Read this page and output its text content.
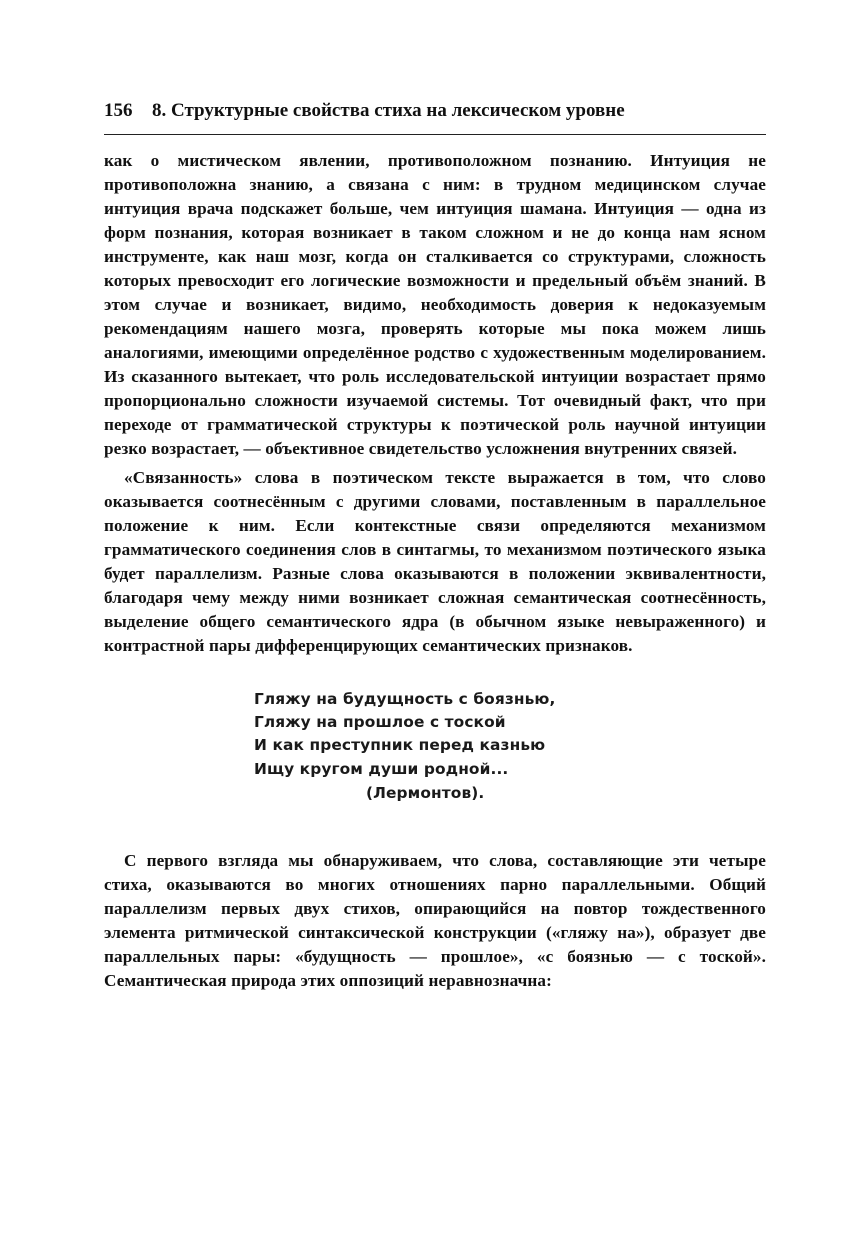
156	8. Структурные свойства стиха на лексическом уровне

как о мистическом явлении, противоположном познанию. Интуиция не противоположна знанию, а связана с ним: в трудном медицинском случае интуиция врача подскажет больше, чем интуиция шамана. Интуиция — одна из форм познания, которая возникает в таком сложном и не до конца нам ясном инструменте, как наш мозг, когда он сталкивается со структурами, сложность которых превосходит его логические возможности и предельный объём знаний. В этом случае и возникает, видимо, необходимость доверия к недоказуемым рекомендациям нашего мозга, проверять которые мы пока можем лишь аналогиями, имеющими определённое родство с художественным моделированием. Из сказанного вытекает, что роль исследовательской интуиции возрастает прямо пропорционально сложности изучаемой системы. Тот очевидный факт, что при переходе от грамматической структуры к поэтической роль научной интуиции резко возрастает, — объективное свидетельство усложнения внутренних связей.

«Связанность» слова в поэтическом тексте выражается в том, что слово оказывается соотнесённым с другими словами, поставленным в параллельное положение к ним. Если контекстные связи определяются механизмом грамматического соединения слов в синтагмы, то механизмом поэтического языка будет параллелизм. Разные слова оказываются в положении эквивалентности, благодаря чему между ними возникает сложная семантическая соотнесённость, выделение общего семантического ядра (в обычном языке невыраженного) и контрастной пары дифференцирующих семантических признаков.

Гляжу на будущность с боязнью,
Гляжу на прошлое с тоской
И как преступник перед казнью
Ищу кругом души родной...
(Лермонтов).

С первого взгляда мы обнаруживаем, что слова, составляющие эти четыре стиха, оказываются во многих отношениях парно параллельными. Общий параллелизм первых двух стихов, опирающийся на повтор тождественного элемента ритмической синтаксической конструкции («гляжу на»), образует две параллельных пары: «будущность — прошлое», «с боязнью — с тоской». Семантическая природа этих оппозиций неравнозначна:
